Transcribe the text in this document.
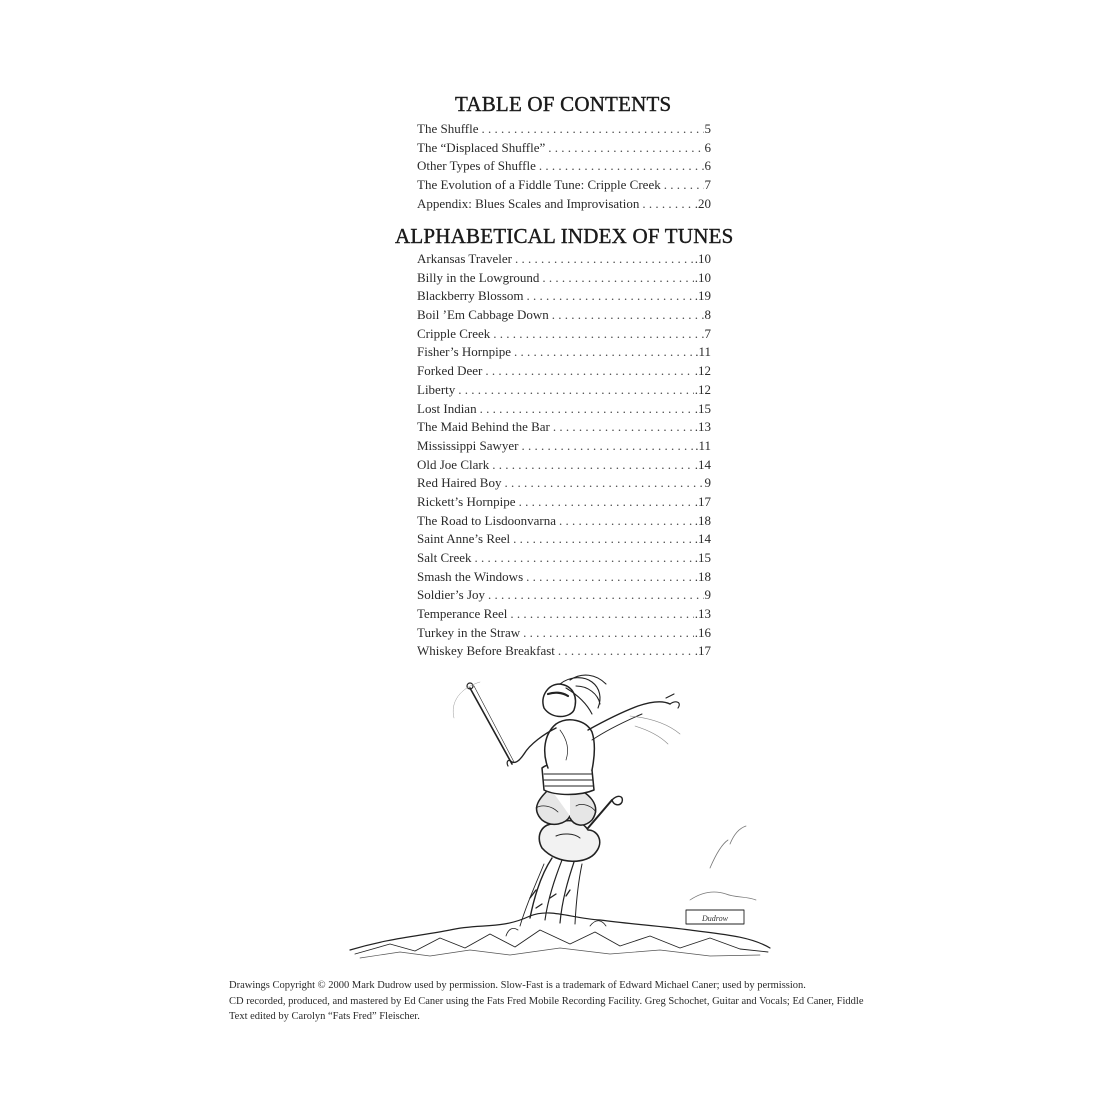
TABLE OF CONTENTS
The Shuffle . . .	5
The “Displaced Shuffle” . . .	6
Other Types of Shuffle . . .	6
The Evolution of a Fiddle Tune: Cripple Creek . . .	7
Appendix: Blues Scales and Improvisation . . .	.20
ALPHABETICAL INDEX OF TUNES
Arkansas Traveler . . .	.10
Billy in the Lowground . . .	.10
Blackberry Blossom . . .	.19
Boil ’Em Cabbage Down . . .	8
Cripple Creek . . .	7
Fisher’s Hornpipe . . .	.11
Forked Deer . . .	.12
Liberty . . .	.12
Lost Indian . . .	.15
The Maid Behind the Bar . . .	.13
Mississippi Sawyer . . .	.11
Old Joe Clark . . .	.14
Red Haired Boy . . .	9
Rickett’s Hornpipe . . .	.17
The Road to Lisdoonvarna . . .	.18
Saint Anne’s Reel . . .	.14
Salt Creek . . .	.15
Smash the Windows . . .	.18
Soldier’s Joy . . .	9
Temperance Reel . . .	.13
Turkey in the Straw . . .	.16
Whiskey Before Breakfast . . .	.17
Dudrow
Drawings Copyright © 2000 Mark Dudrow used by permission. Slow-Fast is a trademark of Edward Michael Caner; used by permission.
CD recorded, produced, and mastered by Ed Caner using the Fats Fred Mobile Recording Facility. Greg Schochet, Guitar and Vocals; Ed Caner, Fiddle
Text edited by Carolyn “Fats Fred” Fleischer.
